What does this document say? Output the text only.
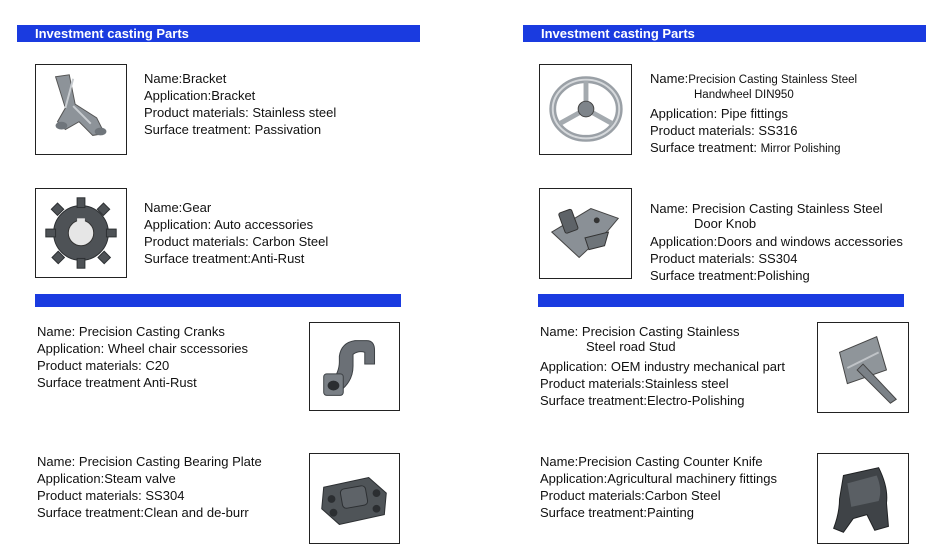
Investment casting Parts	Investment casting Parts
Name:Bracket
Application:Bracket
Product materials: Stainless steel
Surface treatment: Passivation
Name:Gear
Application: Auto accessories
Product materials: Carbon Steel
Surface treatment:Anti-Rust
Name: Precision Casting Cranks
Application: Wheel chair sccessories
Product materials: C20
Surface treatment Anti-Rust
Name: Precision Casting Bearing Plate
Application:Steam valve
Product materials: SS304
Surface treatment:Clean and de-burr
Name:Precision Casting Stainless Steel
Handwheel DIN950
Application: Pipe fittings
Product materials: SS316
Surface treatment: Mirror Polishing
Name: Precision Casting Stainless Steel
Door Knob
Application:Doors and windows accessories
Product materials: SS304
Surface treatment:Polishing
Name: Precision Casting Stainless
Steel road Stud
Application: OEM industry mechanical part
Product materials:Stainless steel
Surface treatment:Electro-Polishing
Name:Precision Casting Counter Knife
Application:Agricultural machinery fittings
Product materials:Carbon Steel
Surface treatment:Painting
